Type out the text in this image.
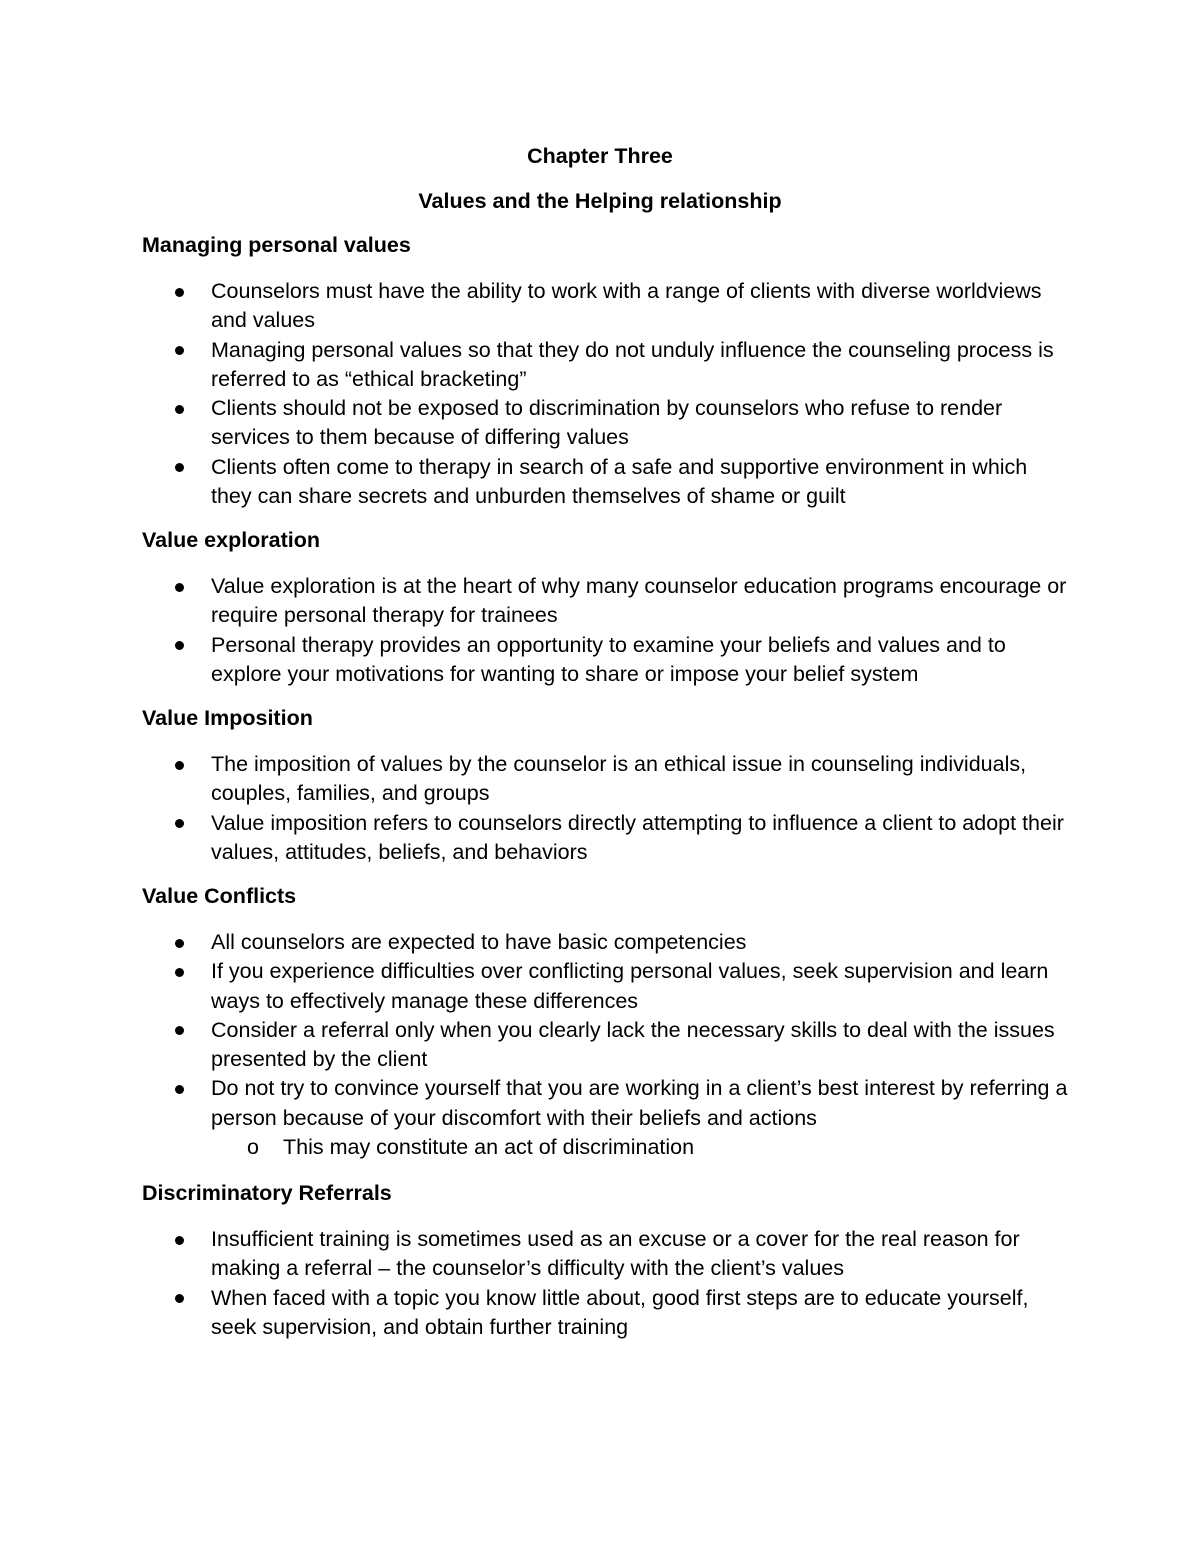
Chapter Three
Values and the Helping relationship
Managing personal values
Counselors must have the ability to work with a range of clients with diverse worldviews and values
Managing personal values so that they do not unduly influence the counseling process is referred to as “ethical bracketing”
Clients should not be exposed to discrimination by counselors who refuse to render services to them because of differing values
Clients often come to therapy in search of a safe and supportive environment in which they can share secrets and unburden themselves of shame or guilt
Value exploration
Value exploration is at the heart of why many counselor education programs encourage or require personal therapy for trainees
Personal therapy provides an opportunity to examine your beliefs and values and to explore your motivations for wanting to share or impose your belief system
Value Imposition
The imposition of values by the counselor is an ethical issue in counseling individuals, couples, families, and groups
Value imposition refers to counselors directly attempting to influence a client to adopt their values, attitudes, beliefs, and behaviors
Value Conflicts
All counselors are expected to have basic competencies
If you experience difficulties over conflicting personal values, seek supervision and learn ways to effectively manage these differences
Consider a referral only when you clearly lack the necessary skills to deal with the issues presented by the client
Do not try to convince yourself that you are working in a client’s best interest by referring a person because of your discomfort with their beliefs and actions
o This may constitute an act of discrimination
Discriminatory Referrals
Insufficient training is sometimes used as an excuse or a cover for the real reason for making a referral – the counselor’s difficulty with the client’s values
When faced with a topic you know little about, good first steps are to educate yourself, seek supervision, and obtain further training
